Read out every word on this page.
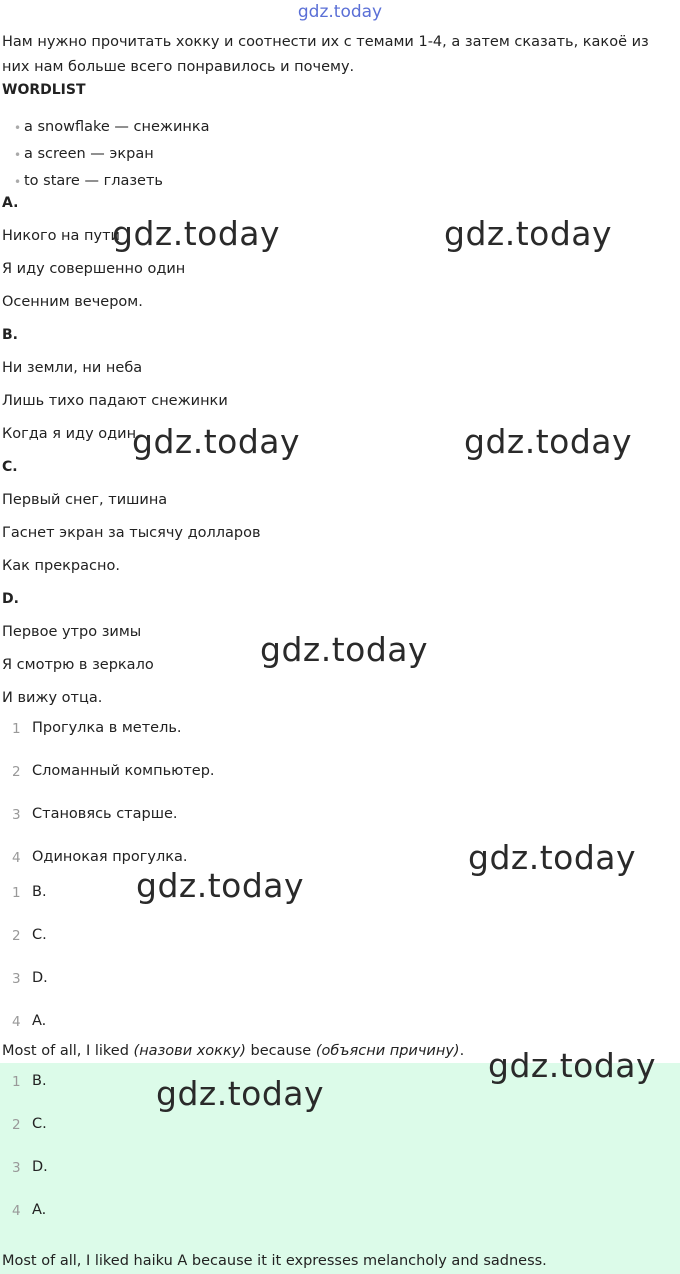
gdz.today
Нам нужно прочитать хокку и соотнести их с темами 1-4, а затем сказать, какоё из них нам больше всего понравилось и почему.
WORDLIST
• a snowflake — снежинка
• a screen — экран
• to stare — глазеть
A.
Никого на пути
Я иду совершенно один
Осенним вечером.
B.
Ни земли, ни неба
Лишь тихо падают снежинки
Когда я иду один.
C.
Первый снег, тишина
Гаснет экран за тысячу долларов
Как прекрасно.
D.
Первое утро зимы
Я смотрю в зеркало
И вижу отца.
1 Прогулка в метель.
2 Сломанный компьютер.
3 Становясь старше.
4 Одинокая прогулка.
1 B.
2 C.
3 D.
4 A.
Most of all, I liked (назови хокку) because (объясни причину).
1 B.
2 C.
3 D.
4 A.
Most of all, I liked haiku A because it it expresses melancholy and sadness.
gdz.today	gdz.today
gdz.today	gdz.today
gdz.today
gdz.today
gdz.today
gdz.today
gdz.today
